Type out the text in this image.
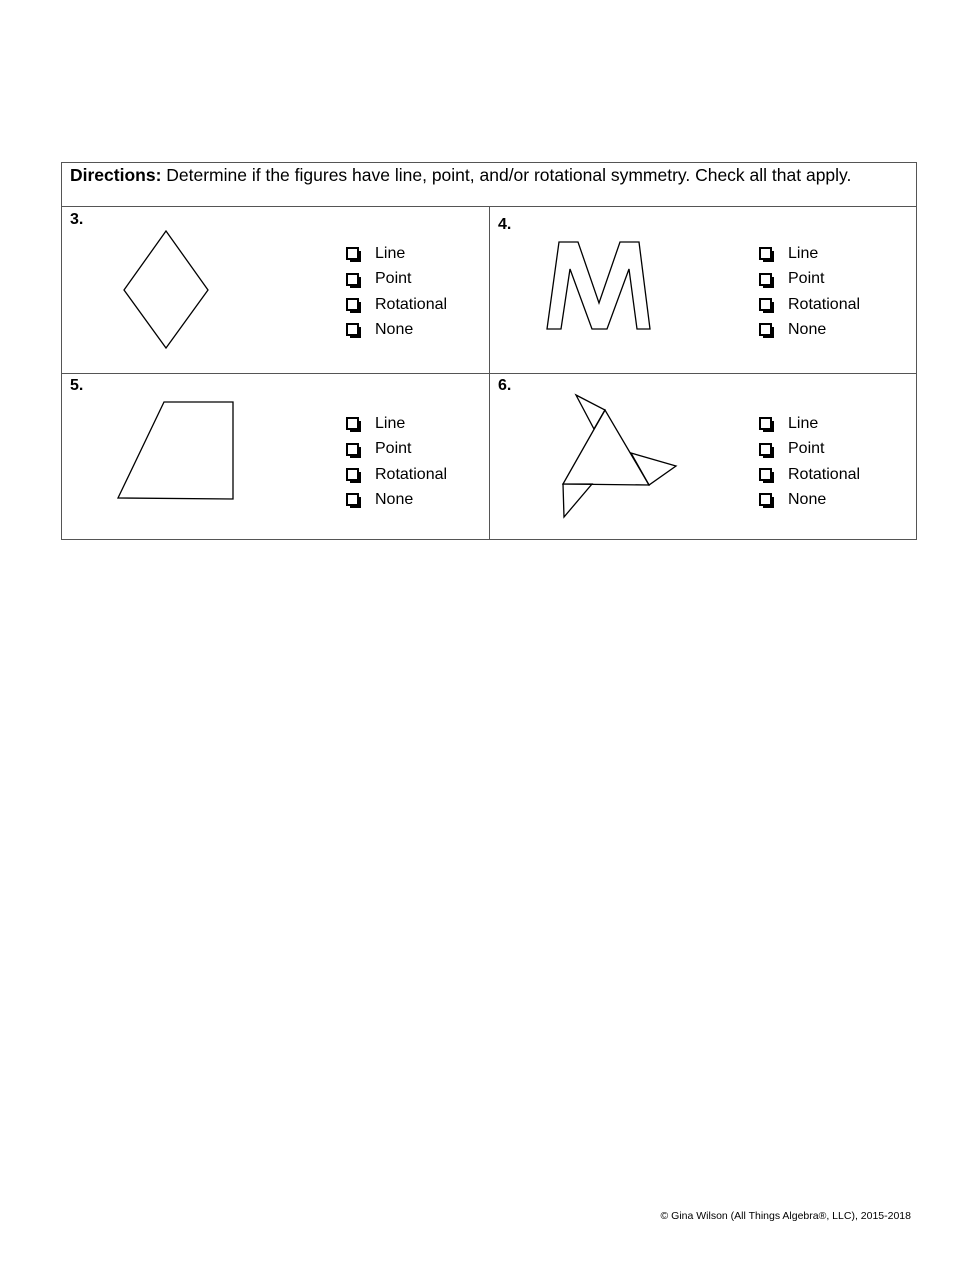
Directions: Determine if the figures have line, point, and/or rotational symmetry. Check all that apply.
3.
Line
Point
Rotational
None
4.
Line
Point
Rotational
None
5.
Line
Point
Rotational
None
6.
Line
Point
Rotational
None
© Gina Wilson (All Things Algebra®, LLC), 2015-2018
